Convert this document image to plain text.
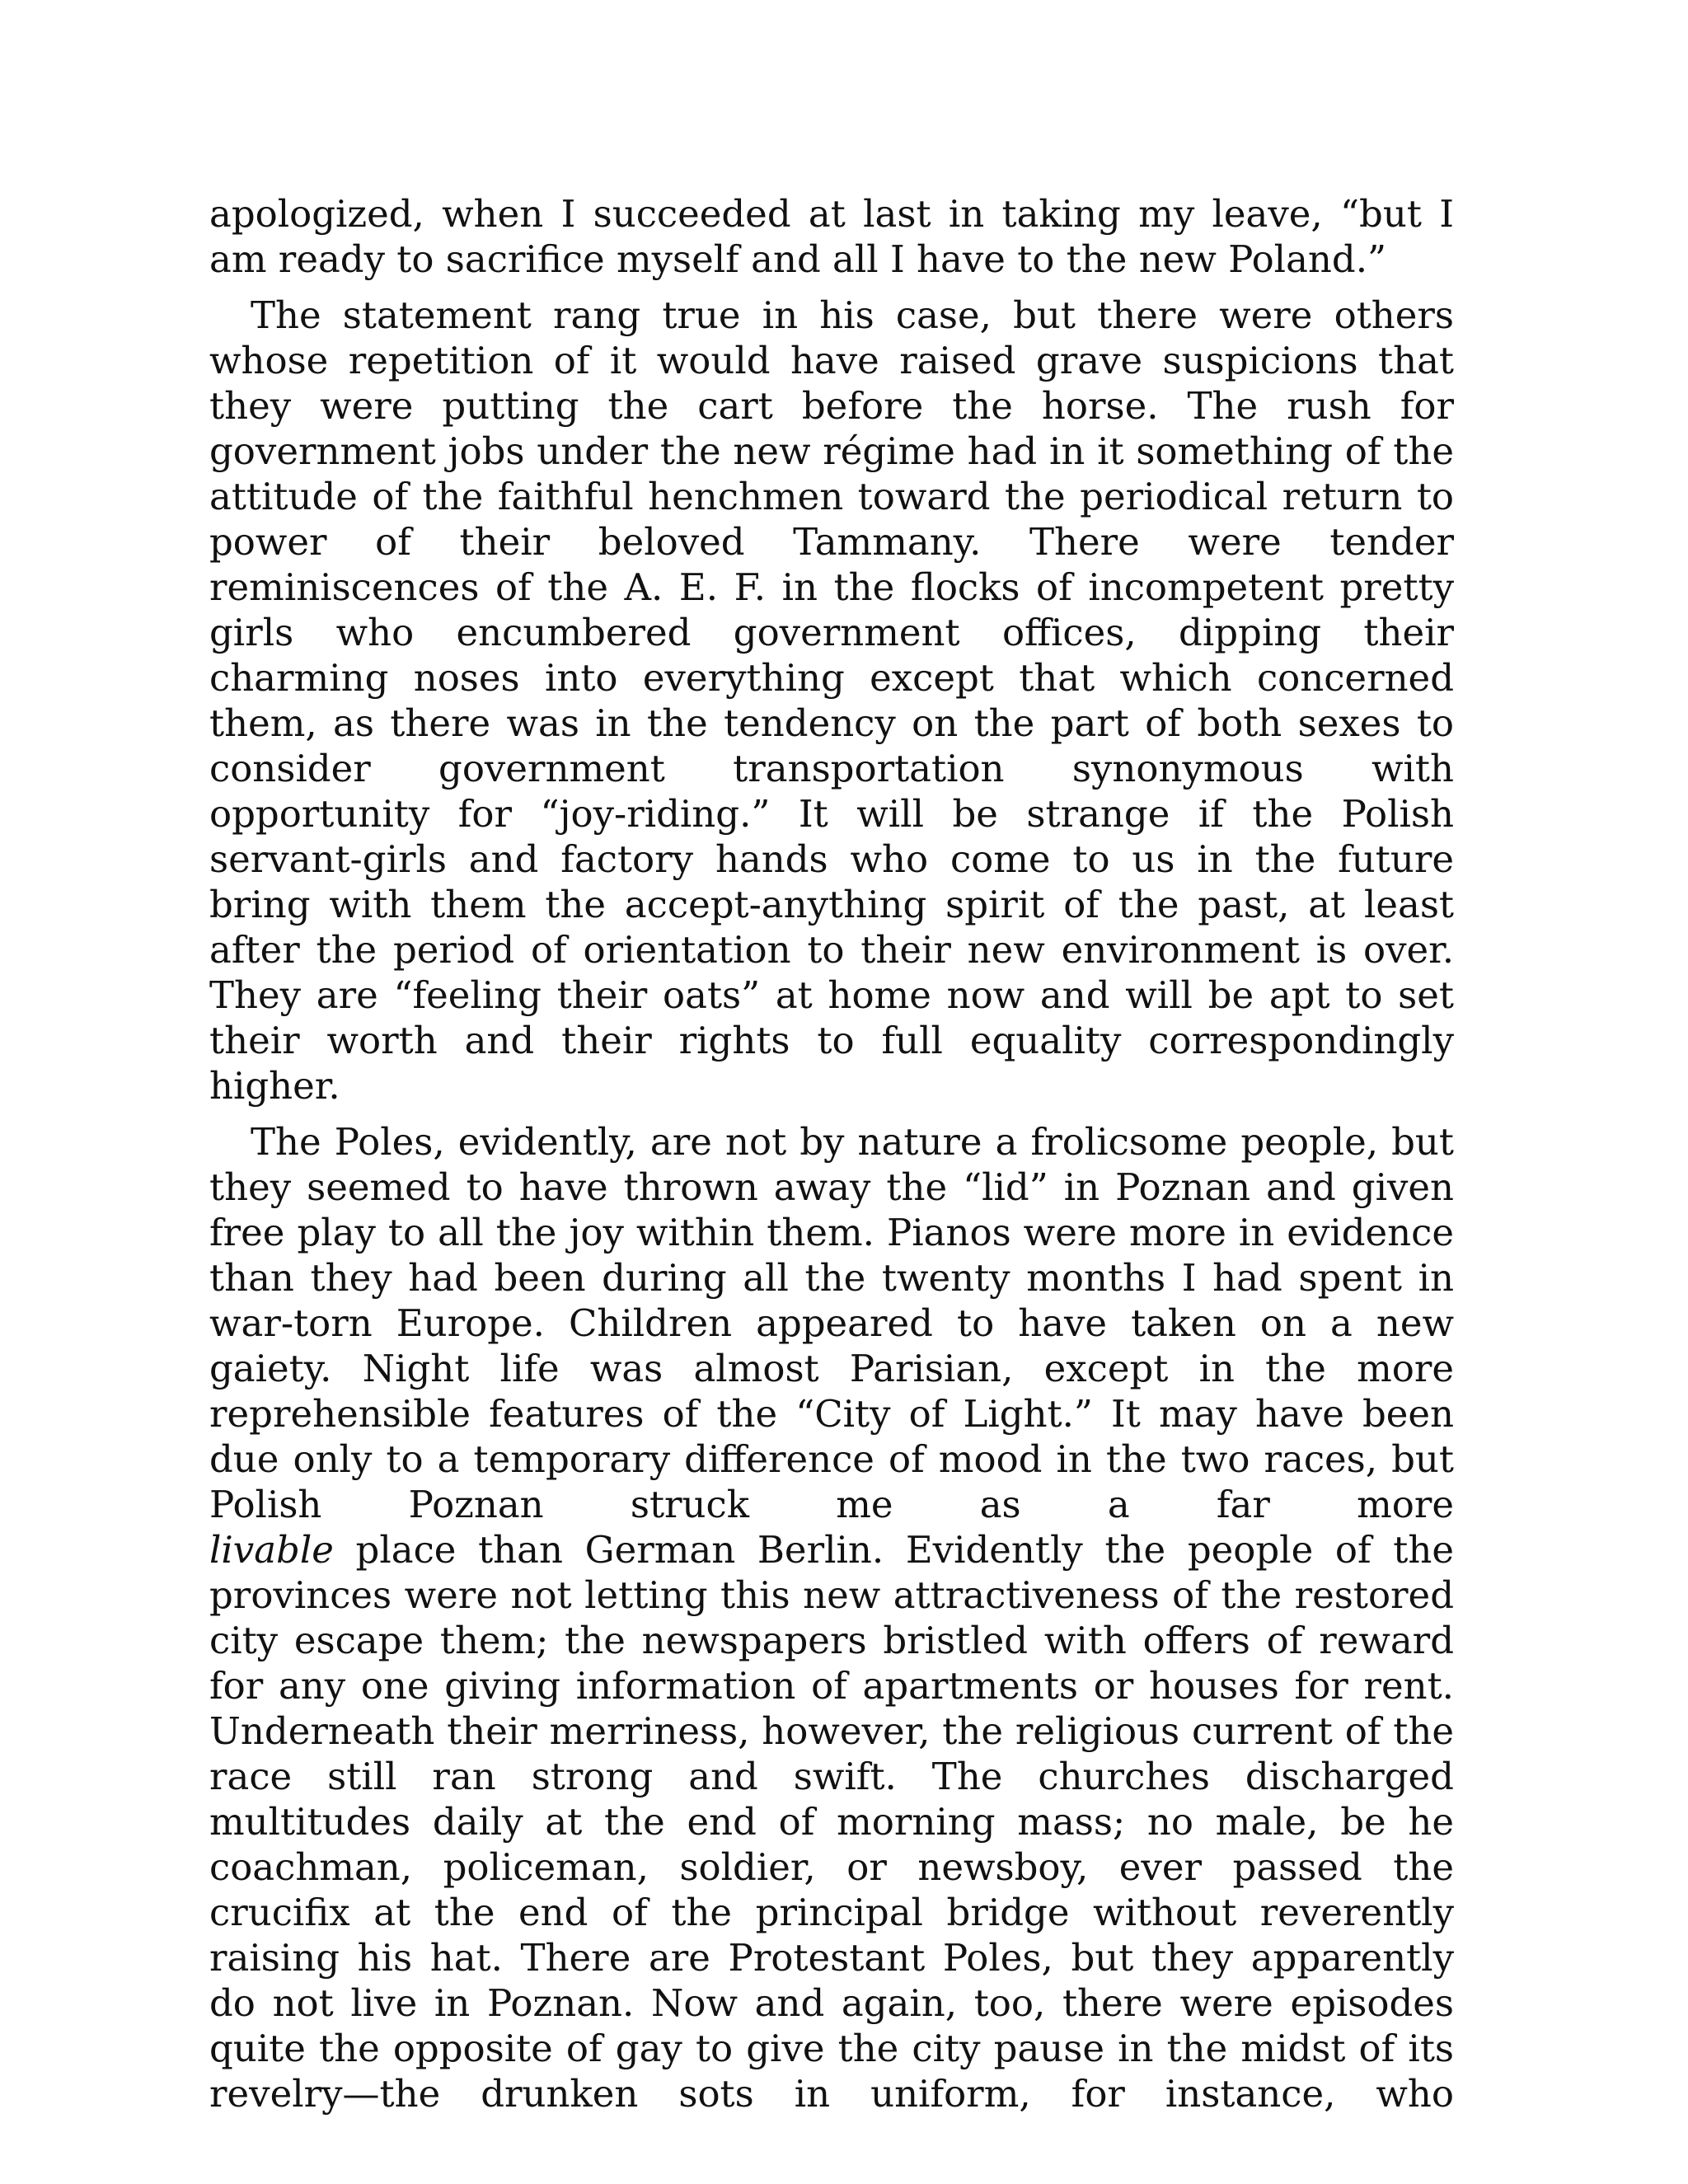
apologized, when I succeeded at last in taking my leave, “but I am ready to sacrifice myself and all I have to the new Poland.”

The statement rang true in his case, but there were others whose repetition of it would have raised grave suspicions that they were putting the cart before the horse. The rush for government jobs under the new régime had in it something of the attitude of the faithful henchmen toward the periodical return to power of their beloved Tammany. There were tender reminiscences of the A. E. F. in the flocks of incompetent pretty girls who encumbered government offices, dipping their charming noses into everything except that which concerned them, as there was in the tendency on the part of both sexes to consider government transportation synonymous with opportunity for “joy-riding.” It will be strange if the Polish servant-girls and factory hands who come to us in the future bring with them the accept-anything spirit of the past, at least after the period of orientation to their new environment is over. They are “feeling their oats” at home now and will be apt to set their worth and their rights to full equality correspondingly higher.

The Poles, evidently, are not by nature a frolicsome people, but they seemed to have thrown away the “lid” in Poznan and given free play to all the joy within them. Pianos were more in evidence than they had been during all the twenty months I had spent in war-torn Europe. Children appeared to have taken on a new gaiety. Night life was almost Parisian, except in the more reprehensible features of the “City of Light.” It may have been due only to a temporary difference of mood in the two races, but Polish Poznan struck me as a far more
livable place than German Berlin. Evidently the people of the provinces were not letting this new attractiveness of the restored city escape them; the newspapers bristled with offers of reward for any one giving information of apartments or houses for rent. Underneath their merriness, however, the religious current of the race still ran strong and swift. The churches discharged multitudes daily at the end of morning mass; no male, be he coachman, policeman, soldier, or newsboy, ever passed the crucifix at the end of the principal bridge without reverently raising his hat. There are Protestant Poles, but they apparently do not live in Poznan. Now and again, too, there were episodes quite the opposite of gay to give the city pause in the midst of its revelry—the drunken sots in uniform, for instance, who
